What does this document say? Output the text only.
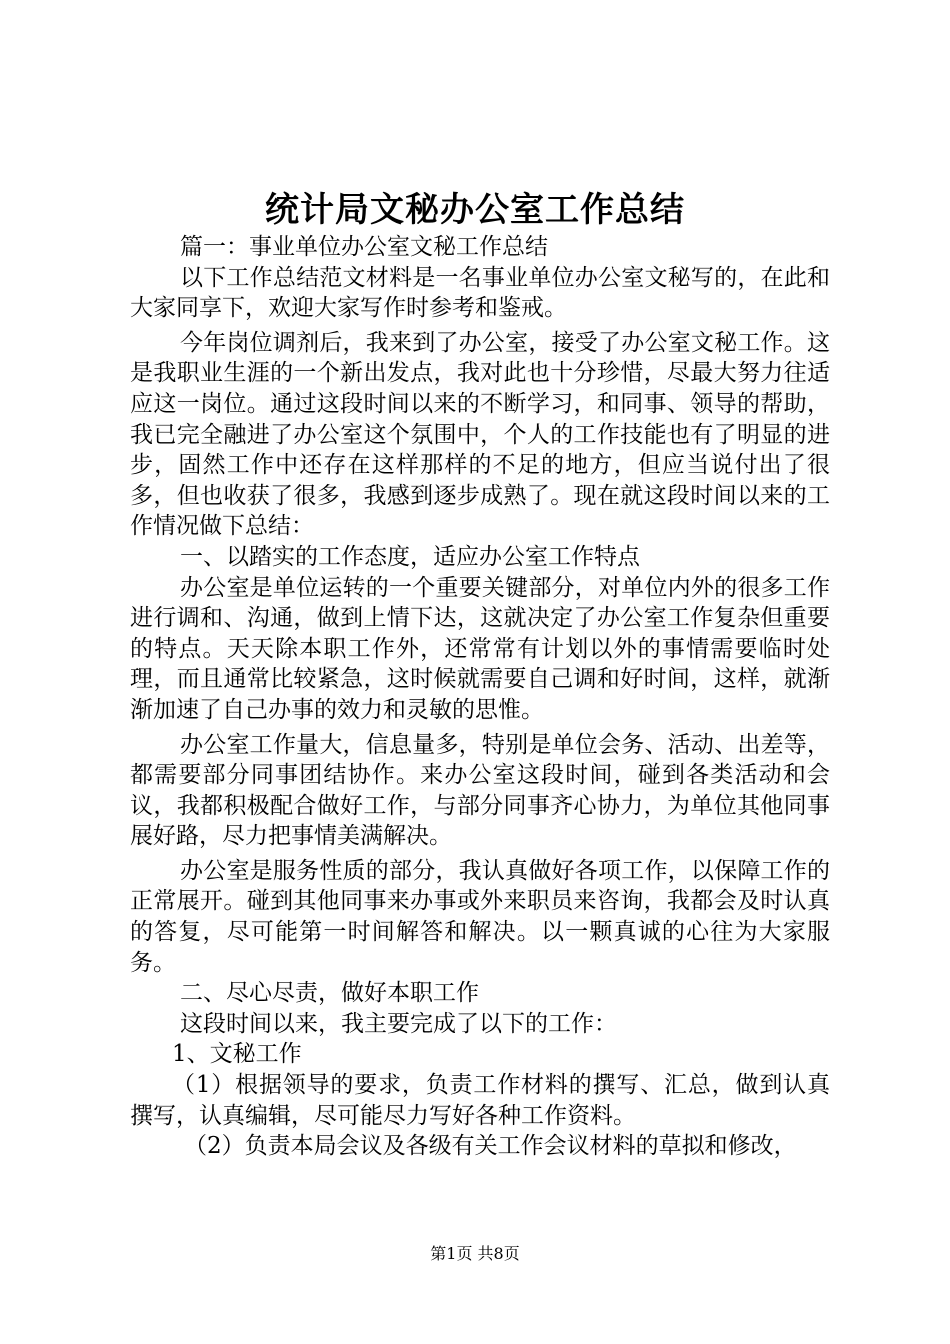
统计局文秘办公室工作总结

篇一：事业单位办公室文秘工作总结

以下工作总结范文材料是一名事业单位办公室文秘写的，在此和大家同享下，欢迎大家写作时参考和鉴戒。

今年岗位调剂后，我来到了办公室，接受了办公室文秘工作。这是我职业生涯的一个新出发点，我对此也十分珍惜，尽最大努力往适应这一岗位。通过这段时间以来的不断学习，和同事、领导的帮助，我已完全融进了办公室这个氛围中，个人的工作技能也有了明显的进步，固然工作中还存在这样那样的不足的地方，但应当说付出了很多，但也收获了很多，我感到逐步成熟了。现在就这段时间以来的工作情况做下总结：

一、以踏实的工作态度，适应办公室工作特点

办公室是单位运转的一个重要关键部分，对单位内外的很多工作进行调和、沟通，做到上情下达，这就决定了办公室工作复杂但重要的特点。天天除本职工作外，还常常有计划以外的事情需要临时处理，而且通常比较紧急，这时候就需要自己调和好时间，这样，就渐渐加速了自己办事的效力和灵敏的思惟。

办公室工作量大，信息量多，特别是单位会务、活动、出差等，都需要部分同事团结协作。来办公室这段时间，碰到各类活动和会议，我都积极配合做好工作，与部分同事齐心协力，为单位其他同事展好路，尽力把事情美满解决。

办公室是服务性质的部分，我认真做好各项工作，以保障工作的正常展开。碰到其他同事来办事或外来职员来咨询，我都会及时认真的答复，尽可能第一时间解答和解决。以一颗真诚的心往为大家服务。

二、尽心尽责，做好本职工作

这段时间以来，我主要完成了以下的工作：

1、文秘工作

（1）根据领导的要求，负责工作材料的撰写、汇总，做到认真撰写，认真编辑，尽可能尽力写好各种工作资料。

（2）负责本局会议及各级有关工作会议材料的草拟和修改，

第1页 共8页
